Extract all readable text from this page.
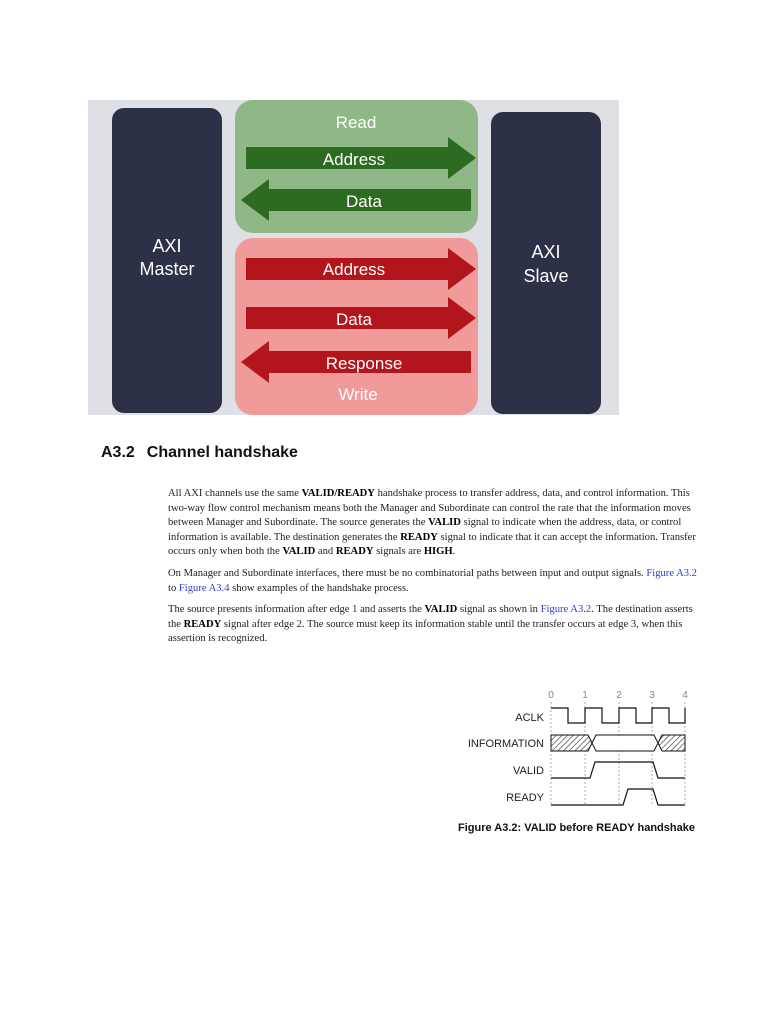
AXI
Master
AXI
Slave
Read
Address
Data
Address
Data
Response
Write
A3.2 Channel handshake

All AXI channels use the same VALID/READY handshake process to transfer address, data, and control information. This two-way flow control mechanism means both the Manager and Subordinate can control the rate that the information moves between Manager and Subordinate. The source generates the VALID signal to indicate when the address, data, or control information is available. The destination generates the READY signal to indicate that it can accept the information. Transfer occurs only when both the VALID and READY signals are HIGH.

On Manager and Subordinate interfaces, there must be no combinatorial paths between input and output signals. Figure A3.2 to Figure A3.4 show examples of the handshake process.

The source presents information after edge 1 and asserts the VALID signal as shown in Figure A3.2. The destination asserts the READY signal after edge 2. The source must keep its information stable until the transfer occurs at edge 3, when this assertion is recognized.

0	1	2	3	4
ACLK
INFORMATION
VALID
READY
Figure A3.2: VALID before READY handshake
